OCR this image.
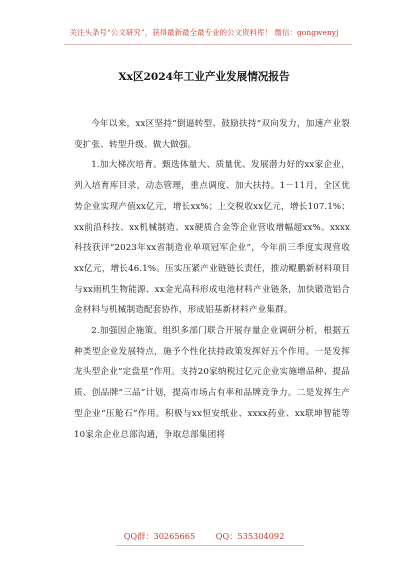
关注头条号“公文研究”，获得最新最全最专业的公文资料库！ 微信：gongwenyj
Xx区2024年工业产业发展情况报告

今年以来，xx区坚持“倒逼转型、鼓励扶持”双向发力，加速产业裂变扩张、转型升级、做大做强。

1.加大梯次培育。甄选体量大、质量优、发展潜力好的xx家企业，列入培育库目录，动态管理，重点调度、加大扶持。1－11月，全区优势企业实现产值xx亿元，增长xx%；上交税收xx亿元，增长107.1%；xx前沿科技、xx机械制造、xx硬质合金等企业营收增幅超xx%。xxxx科技获评“2023年xx省制造业单项冠军企业”，今年前三季度实现营收xx亿元，增长46.1%。压实压紧产业链链长责任，推动鲲鹏新材料项目与xx雨机生物能源、xx金光高科形成电池材料产业链条，加快锻造铝合金材料与机械制造配套协作，形成铝基新材料产业集群。

2.加强因企施策。组织多部门联合开展存量企业调研分析，根据五种类型企业发展特点，施予个性化扶持政策发挥好五个作用。一是发挥龙头型企业“定盘星”作用。支持20家纳税过亿元企业实施增品种、提品质、创品牌“三品”计划，提高市场占有率和品牌竞争力。二是发挥生产型企业“压舱石”作用。积极与xx恒安纸业、xxxx药业、xx联坤智能等10家余企业总部沟通，争取总部集团将

QQ群：30265665	QQ：535304092
